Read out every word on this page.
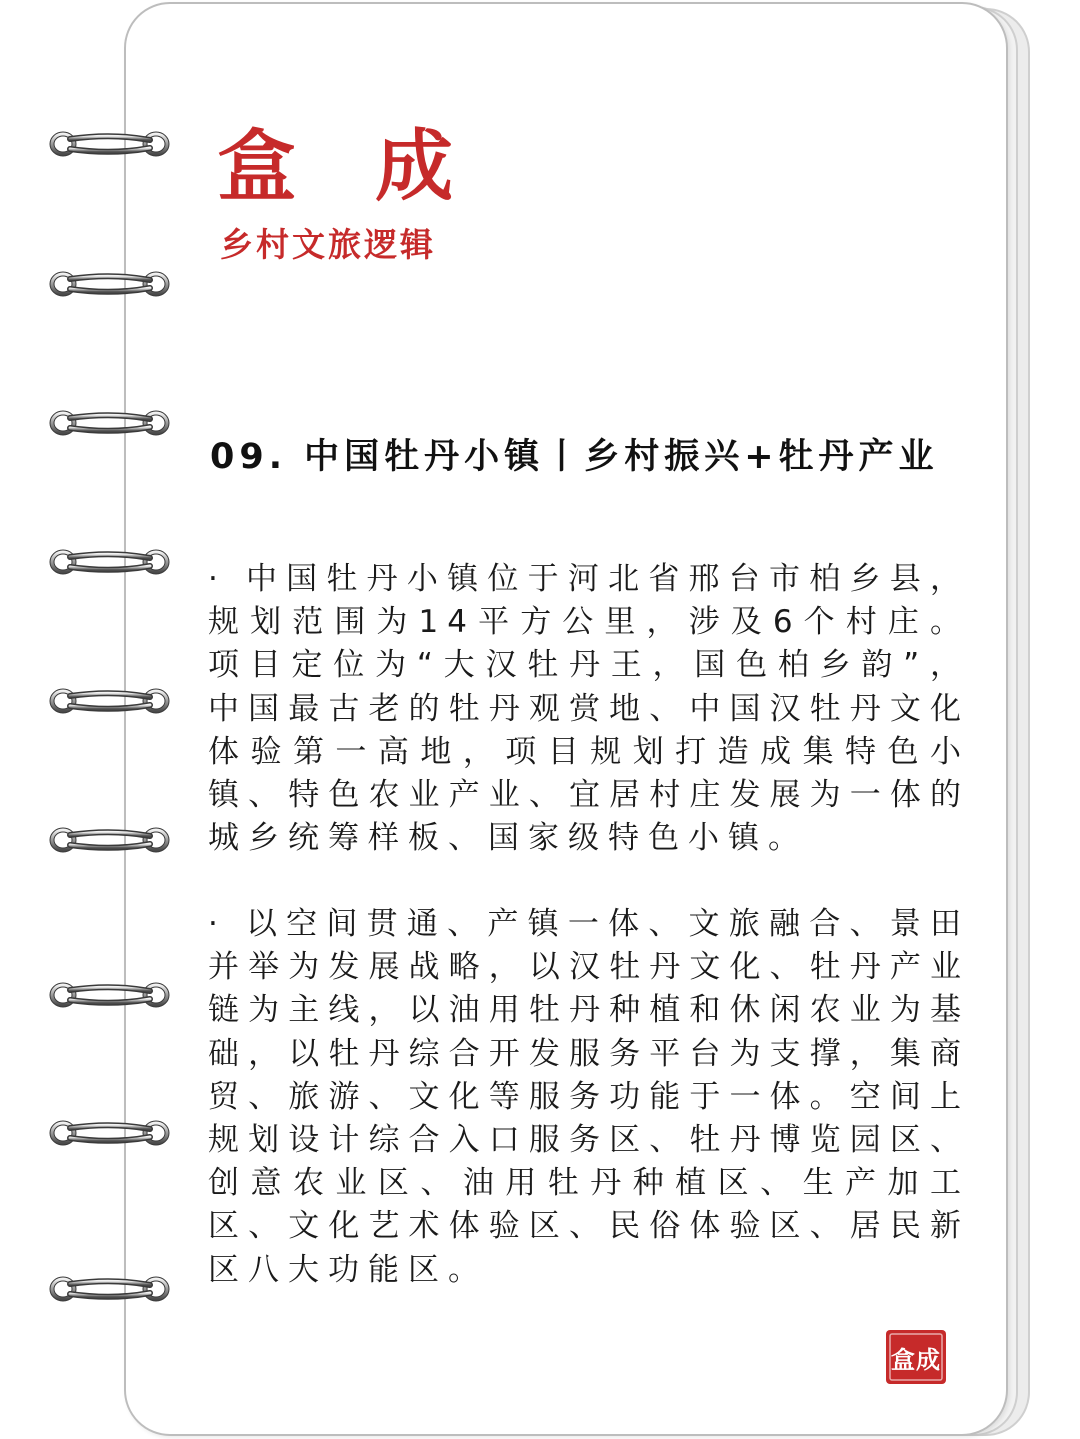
盒 成
乡村文旅逻辑
09. 中国牡丹小镇丨乡村振兴+牡丹产业

· 中国牡丹小镇位于河北省邢台市柏乡县，规划范围为14平方公里，涉及6个村庄。项目定位为“大汉牡丹王，国色柏乡韵”，中国最古老的牡丹观赏地、中国汉牡丹文化体验第一高地，项目规划打造成集特色小镇、特色农业产业、宜居村庄发展为一体的城乡统筹样板、国家级特色小镇。

· 以空间贯通、产镇一体、文旅融合、景田并举为发展战略，以汉牡丹文化、牡丹产业链为主线，以油用牡丹种植和休闲农业为基础，以牡丹综合开发服务平台为支撑，集商贸、旅游、文化等服务功能于一体。空间上规划设计综合入口服务区、牡丹博览园区、创意农业区、油用牡丹种植区、生产加工区、文化艺术体验区、民俗体验区、居民新区八大功能区。

盒成
